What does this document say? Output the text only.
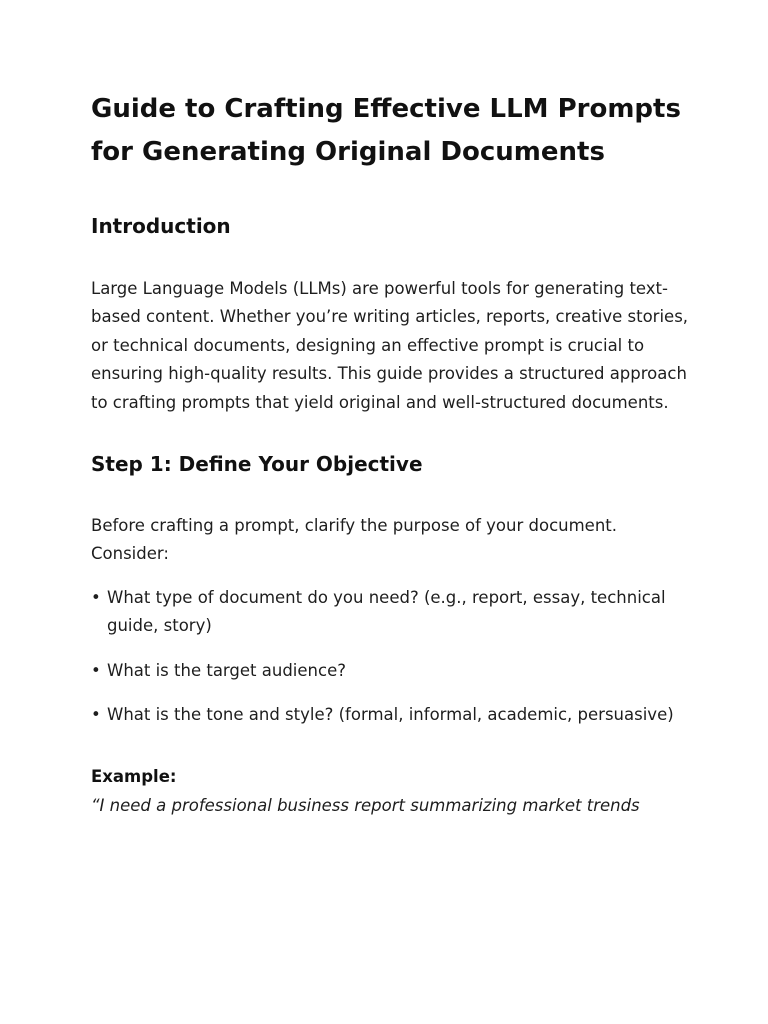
Guide to Crafting Effective LLM Prompts for Generating Original Documents
Introduction

Large Language Models (LLMs) are powerful tools for generating text-based content. Whether you’re writing articles, reports, creative stories, or technical documents, designing an effective prompt is crucial to ensuring high-quality results. This guide provides a structured approach to crafting prompts that yield original and well-structured documents.

Step 1: Define Your Objective

Before crafting a prompt, clarify the purpose of your document. Consider:

• What type of document do you need? (e.g., report, essay, technical guide, story)
• What is the target audience?
• What is the tone and style? (formal, informal, academic, persuasive)
Example:
“I need a professional business report summarizing market trends
